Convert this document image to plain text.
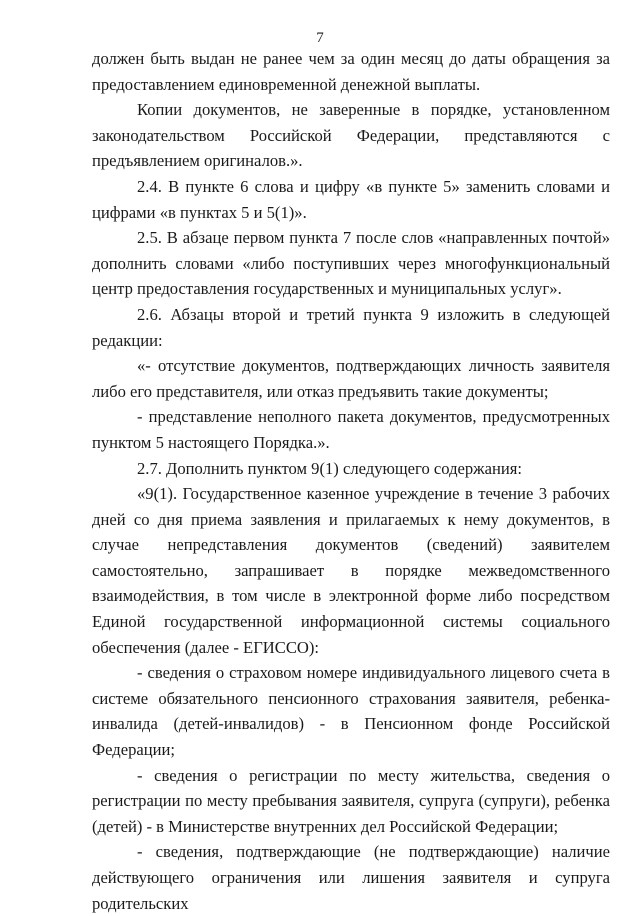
7

должен быть выдан не ранее чем за один месяц до даты обращения за предоставлением единовременной денежной выплаты.

Копии документов, не заверенные в порядке, установленном законодательством Российской Федерации, представляются с предъявлением оригиналов.».

2.4. В пункте 6 слова и цифру «в пункте 5» заменить словами и цифрами «в пунктах 5 и 5(1)».

2.5. В абзаце первом пункта 7 после слов «направленных почтой» дополнить словами «либо поступивших через многофункциональный центр предоставления государственных и муниципальных услуг».

2.6. Абзацы второй и третий пункта 9 изложить в следующей редакции:

«- отсутствие документов, подтверждающих личность заявителя либо его представителя, или отказ предъявить такие документы;

- представление неполного пакета документов, предусмотренных пунктом 5 настоящего Порядка.».

2.7. Дополнить пунктом 9(1) следующего содержания:

«9(1). Государственное казенное учреждение в течение 3 рабочих дней со дня приема заявления и прилагаемых к нему документов, в случае непредставления документов (сведений) заявителем самостоятельно, запрашивает в порядке межведомственного взаимодействия, в том числе в электронной форме либо посредством Единой государственной информационной системы социального обеспечения (далее - ЕГИССО):

- сведения о страховом номере индивидуального лицевого счета в системе обязательного пенсионного страхования заявителя, ребенка-инвалида (детей-инвалидов) - в Пенсионном фонде Российской Федерации;

- сведения о регистрации по месту жительства, сведения о регистрации по месту пребывания заявителя, супруга (супруги), ребенка (детей) - в Министерстве внутренних дел Российской Федерации;

- сведения, подтверждающие (не подтверждающие) наличие действующего ограничения или лишения заявителя и супруга родительских
